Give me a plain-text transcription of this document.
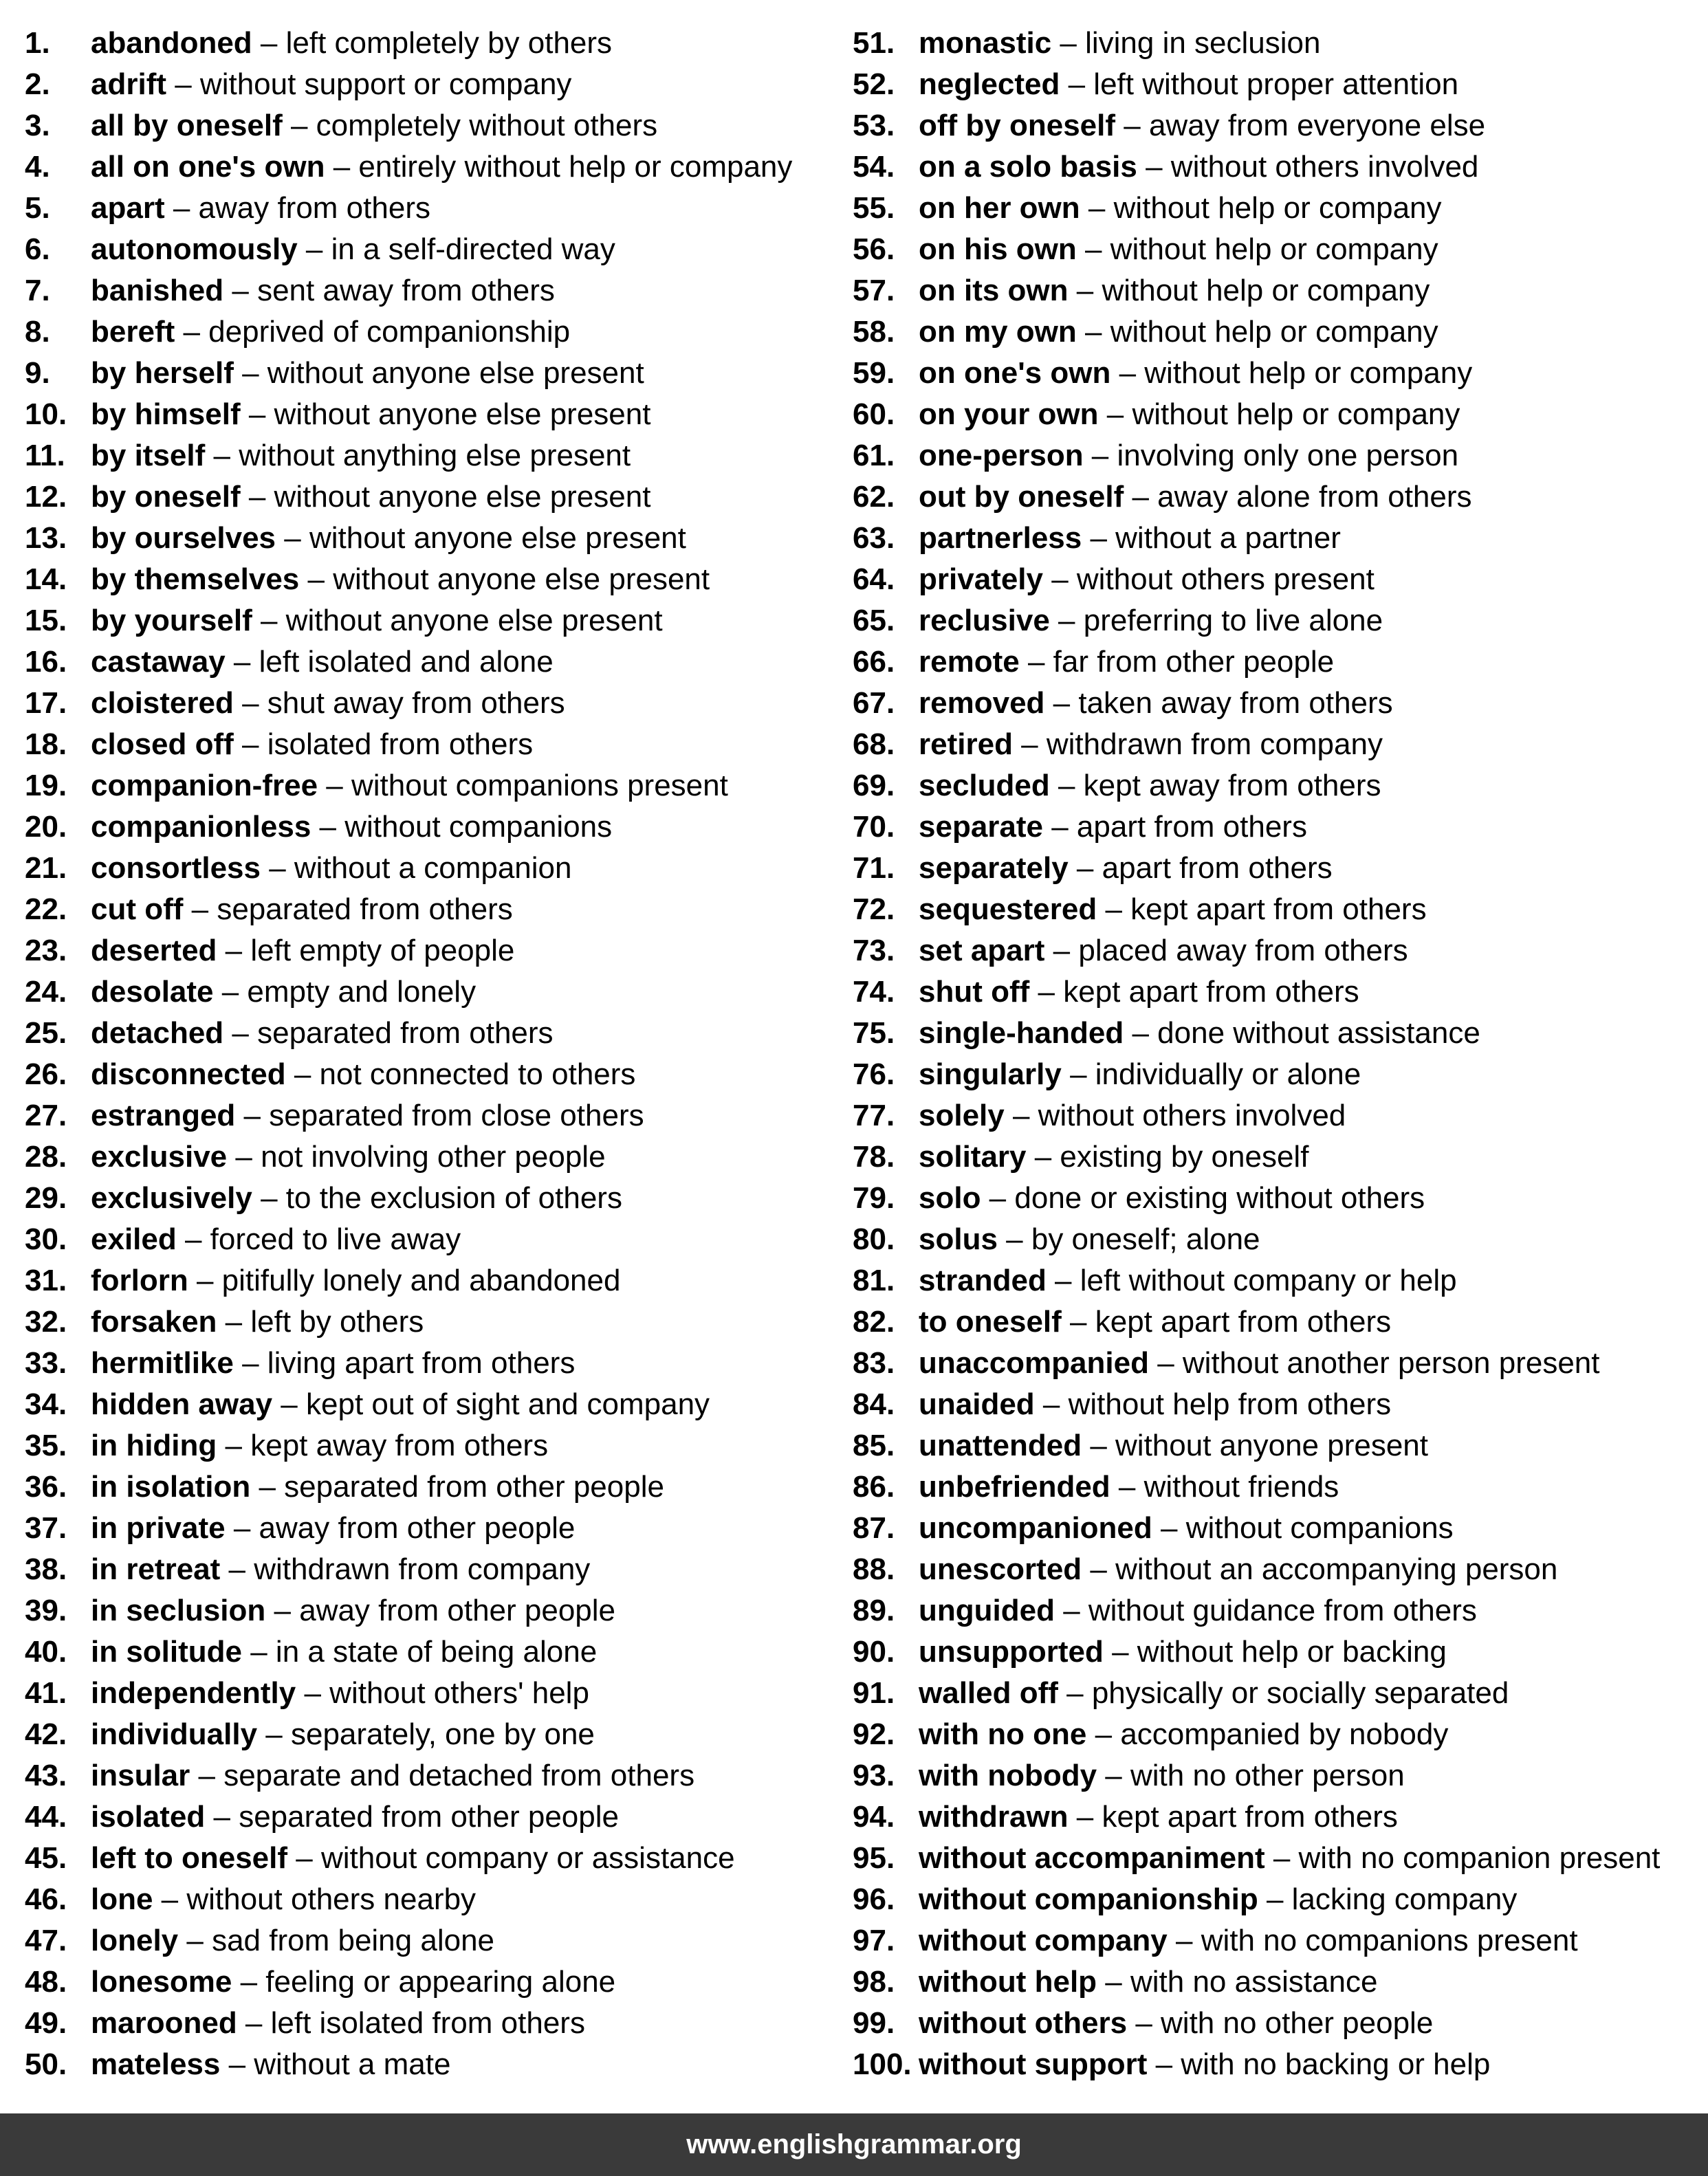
1. abandoned – left completely by others
2. adrift – without support or company
3. all by oneself – completely without others
4. all on one's own – entirely without help or company
5. apart – away from others
6. autonomously – in a self-directed way
7. banished – sent away from others
8. bereft – deprived of companionship
9. by herself – without anyone else present
10. by himself – without anyone else present
11. by itself – without anything else present
12. by oneself – without anyone else present
13. by ourselves – without anyone else present
14. by themselves – without anyone else present
15. by yourself – without anyone else present
16. castaway – left isolated and alone
17. cloistered – shut away from others
18. closed off – isolated from others
19. companion-free – without companions present
20. companionless – without companions
21. consortless – without a companion
22. cut off – separated from others
23. deserted – left empty of people
24. desolate – empty and lonely
25. detached – separated from others
26. disconnected – not connected to others
27. estranged – separated from close others
28. exclusive – not involving other people
29. exclusively – to the exclusion of others
30. exiled – forced to live away
31. forlorn – pitifully lonely and abandoned
32. forsaken – left by others
33. hermitlike – living apart from others
34. hidden away – kept out of sight and company
35. in hiding – kept away from others
36. in isolation – separated from other people
37. in private – away from other people
38. in retreat – withdrawn from company
39. in seclusion – away from other people
40. in solitude – in a state of being alone
41. independently – without others' help
42. individually – separately, one by one
43. insular – separate and detached from others
44. isolated – separated from other people
45. left to oneself – without company or assistance
46. lone – without others nearby
47. lonely – sad from being alone
48. lonesome – feeling or appearing alone
49. marooned – left isolated from others
50. mateless – without a mate
51. monastic – living in seclusion
52. neglected – left without proper attention
53. off by oneself – away from everyone else
54. on a solo basis – without others involved
55. on her own – without help or company
56. on his own – without help or company
57. on its own – without help or company
58. on my own – without help or company
59. on one's own – without help or company
60. on your own – without help or company
61. one-person – involving only one person
62. out by oneself – away alone from others
63. partnerless – without a partner
64. privately – without others present
65. reclusive – preferring to live alone
66. remote – far from other people
67. removed – taken away from others
68. retired – withdrawn from company
69. secluded – kept away from others
70. separate – apart from others
71. separately – apart from others
72. sequestered – kept apart from others
73. set apart – placed away from others
74. shut off – kept apart from others
75. single-handed – done without assistance
76. singularly – individually or alone
77. solely – without others involved
78. solitary – existing by oneself
79. solo – done or existing without others
80. solus – by oneself; alone
81. stranded – left without company or help
82. to oneself – kept apart from others
83. unaccompanied – without another person present
84. unaided – without help from others
85. unattended – without anyone present
86. unbefriended – without friends
87. uncompanioned – without companions
88. unescorted – without an accompanying person
89. unguided – without guidance from others
90. unsupported – without help or backing
91. walled off – physically or socially separated
92. with no one – accompanied by nobody
93. with nobody – with no other person
94. withdrawn – kept apart from others
95. without accompaniment – with no companion present
96. without companionship – lacking company
97. without company – with no companions present
98. without help – with no assistance
99. without others – with no other people
100. without support – with no backing or help
www.englishgrammar.org
